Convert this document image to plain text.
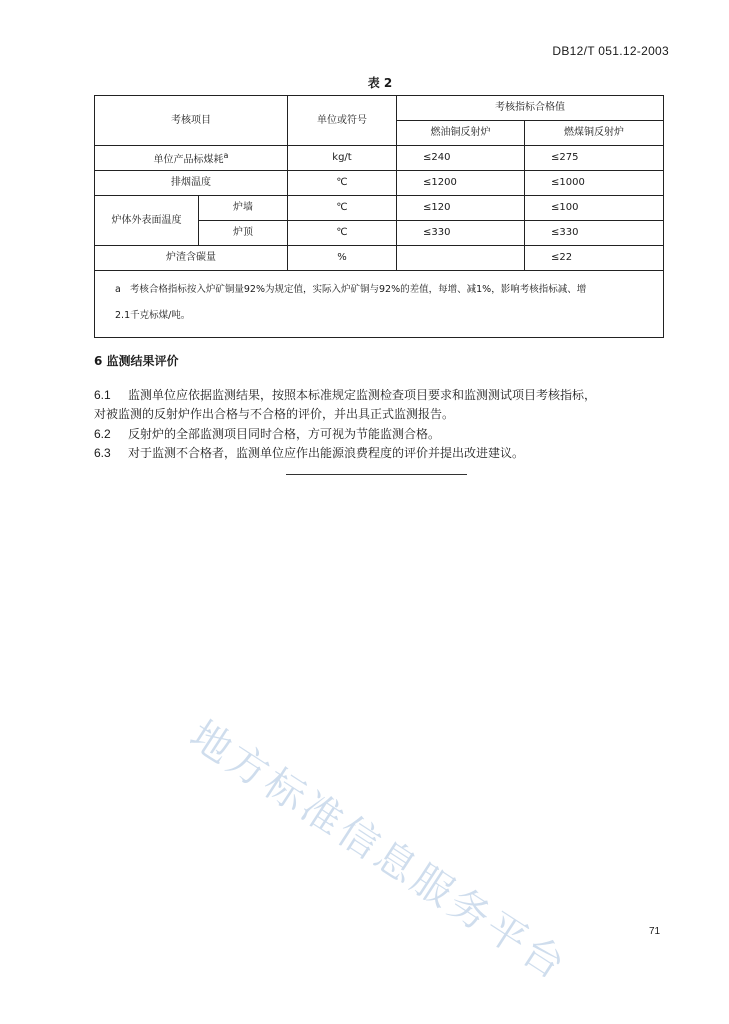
DB12/T 051.12-2003
表 2
考核项目		单位或符号	考核指标合格值	
			燃油铜反射炉	燃煤铜反射炉
单位产品标煤耗$^a$		kg/t	≤240	≤275
排烟温度		℃	≤1200	≤1000
炉体外表面温度	炉墙	℃	≤120	≤100
	炉顶	℃	≤330	≤330
炉渣含碳量		%		≤22
a 考核合格指标按入炉矿铜量92%为规定值，实际入炉矿铜与92%的差值，每增、减1%，影响考核指标减、增
2.1千克标煤/吨。				
6 监测结果评价
6.1 监测单位应依据监测结果，按照本标准规定监测检查项目要求和监测测试项目考核指标，
对被监测的反射炉作出合格与不合格的评价，并出具正式监测报告。
6.2 反射炉的全部监测项目同时合格，方可视为节能监测合格。
6.3 对于监测不合格者，监测单位应作出能源浪费程度的评价并提出改进建议。
地方标准信息服务平台	71
